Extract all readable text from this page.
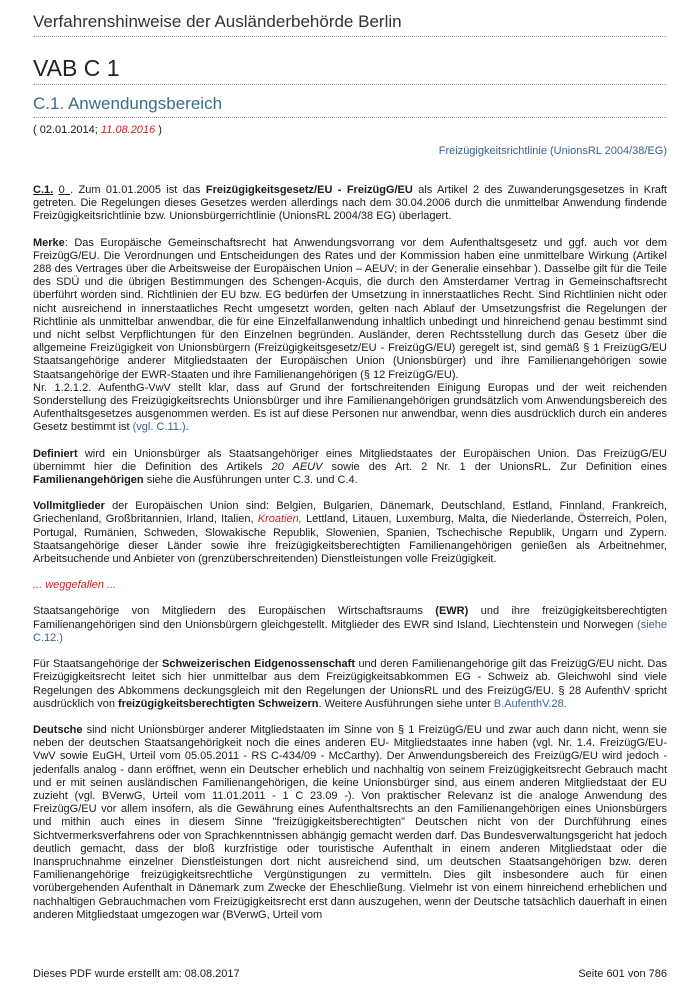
Verfahrenshinweise der Ausländerbehörde Berlin
VAB C 1
C.1. Anwendungsbereich
( 02.01.2014; 11.08.2016 )
Freizügigkeitsrichtlinie (UnionsRL 2004/38/EG)

C.1. 0 . Zum 01.01.2005 ist das Freizügigkeitsgesetz/EU - FreizügG/EU als Artikel 2 des Zuwanderungsgesetzes in Kraft getreten. Die Regelungen dieses Gesetzes werden allerdings nach dem 30.04.2006 durch die unmittelbar Anwendung findende Freizügigkeitsrichtlinie bzw. Unionsbürgerrichtlinie (UnionsRL 2004/38 EG) überlagert.

Merke: Das Europäische Gemeinschaftsrecht hat Anwendungsvorrang vor dem Aufenthaltsgesetz und ggf. auch vor dem FreizügG/EU. Die Verordnungen und Entscheidungen des Rates und der Kommission haben eine unmittelbare Wirkung (Artikel 288 des Vertrages über die Arbeitsweise der Europäischen Union – AEUV; in der Generalie einsehbar ). Dasselbe gilt für die Teile des SDÜ und die übrigen Bestimmungen des Schengen-Acquis, die durch den Amsterdamer Vertrag in Gemeinschaftsrecht überführt worden sind. Richtlinien der EU bzw. EG bedürfen der Umsetzung in innerstaatliches Recht. Sind Richtlinien nicht oder nicht ausreichend in innerstaatliches Recht umgesetzt worden, gelten nach Ablauf der Umsetzungsfrist die Regelungen der Richtlinie als unmittelbar anwendbar, die für eine Einzelfallanwendung inhaltlich unbedingt und hinreichend genau bestimmt sind und nicht selbst Verpflichtungen für den Einzelnen begründen. Ausländer, deren Rechtsstellung durch das Gesetz über die allgemeine Freizügigkeit von Unionsbürgern (Freizügigkeitsgesetz/EU - FreizügG/EU) geregelt ist, sind gemäß § 1 FreizügG/EU Staatsangehörige anderer Mitgliedstaaten der Europäischen Union (Unionsbürger) und ihre Familienangehörigen sowie Staatsangehörige der EWR-Staaten und ihre Familienangehörigen (§ 12 FreizügG/EU).
Nr. 1.2.1.2. AufenthG-VwV stellt klar, dass auf Grund der fortschreitenden Einigung Europas und der weit reichenden Sonderstellung des Freizügigkeitsrechts Unionsbürger und ihre Familienangehörigen grundsätzlich vom Anwendungsbereich des Aufenthaltsgesetzes ausgenommen werden. Es ist auf diese Personen nur anwendbar, wenn dies ausdrücklich durch ein anderes Gesetz bestimmt ist (vgl. C.11.).

Definiert wird ein Unionsbürger als Staatsangehöriger eines Mitgliedstaates der Europäischen Union. Das FreizügG/EU übernimmt hier die Definition des Artikels 20 AEUV sowie des Art. 2 Nr. 1 der UnionsRL. Zur Definition eines Familienangehörigen siehe die Ausführungen unter C.3. und C.4.

Vollmitglieder der Europäischen Union sind: Belgien, Bulgarien, Dänemark, Deutschland, Estland, Finnland, Frankreich, Griechenland, Großbritannien, Irland, Italien, Kroatien, Lettland, Litauen, Luxemburg, Malta, die Niederlande, Österreich, Polen, Portugal, Rumänien, Schweden, Slowakische Republik, Slowenien, Spanien, Tschechische Republik, Ungarn und Zypern. Staatsangehörige dieser Länder sowie ihre freizügigkeitsberechtigten Familienangehörigen genießen als Arbeitnehmer, Arbeitsuchende und Anbieter von (grenzüberschreitenden) Dienstleistungen volle Freizügigkeit.

... weggefallen ...

Staatsangehörige von Mitgliedern des Europäischen Wirtschaftsraums (EWR) und ihre freizügigkeitsberechtigten Familienangehörigen sind den Unionsbürgern gleichgestellt. Mitglieder des EWR sind Island, Liechtenstein und Norwegen (siehe C.12.)

Für Staatsangehörige der Schweizerischen Eidgenossenschaft und deren Familienangehörige gilt das FreizügG/EU nicht. Das Freizügigkeitsrecht leitet sich hier unmittelbar aus dem Freizügigkeitsabkommen EG - Schweiz ab. Gleichwohl sind viele Regelungen des Abkommens deckungsgleich mit den Regelungen der UnionsRL und des FreizügG/EU. § 28 AufenthV spricht ausdrücklich von freizügigkeitsberechtigten Schweizern. Weitere Ausführungen siehe unter B.AufenthV.28.

Deutsche sind nicht Unionsbürger anderer Mitgliedstaaten im Sinne von § 1 FreizügG/EU und zwar auch dann nicht, wenn sie neben der deutschen Staatsangehörigkeit noch die eines anderen EU- Mitgliedstaates inne haben (vgl. Nr. 1.4. FreizügG/EU- VwV sowie EuGH, Urteil vom 05.05.2011 - RS C-434/09 - McCarthy). Der Anwendungsbereich des FreizügG/EU wird jedoch - jedenfalls analog - dann eröffnet, wenn ein Deutscher erheblich und nachhaltig von seinem Freizügigkeitsrecht Gebrauch macht und er mit seinen ausländischen Familienangehörigen, die keine Unionsbürger sind, aus einem anderen Mitgliedstaat der EU zuzieht (vgl. BVerwG, Urteil vom 11.01.2011 - 1 C 23.09 -). Von praktischer Relevanz ist die analoge Anwendung des FreizügG/EU vor allem insofern, als die Gewährung eines Aufenthaltsrechts an den Familienangehörigen eines Unionsbürgers und mithin auch eines in diesem Sinne "freizügigkeitsberechtigten" Deutschen nicht von der Durchführung eines Sichtvermerksverfahrens oder von Sprachkenntnissen abhängig gemacht werden darf. Das Bundesverwaltungsgericht hat jedoch deutlich gemacht, dass der bloß kurzfristige oder touristische Aufenthalt in einem anderen Mitgliedstaat oder die Inanspruchnahme einzelner Dienstleistungen dort nicht ausreichend sind, um deutschen Staatsangehörigen bzw. deren Familienangehörige freizügigkeitsrechtliche Vergünstigungen zu vermitteln. Dies gilt insbesondere auch für einen vorübergehenden Aufenthalt in Dänemark zum Zwecke der Eheschließung. Vielmehr ist von einem hinreichend erheblichen und nachhaltigen Gebrauchmachen vom Freizügigkeitsrecht erst dann auszugehen, wenn der Deutsche tatsächlich dauerhaft in einen anderen Mitgliedstaat umgezogen war (BVerwG, Urteil vom

Dieses PDF wurde erstellt am: 08.08.2017	Seite 601 von 786
